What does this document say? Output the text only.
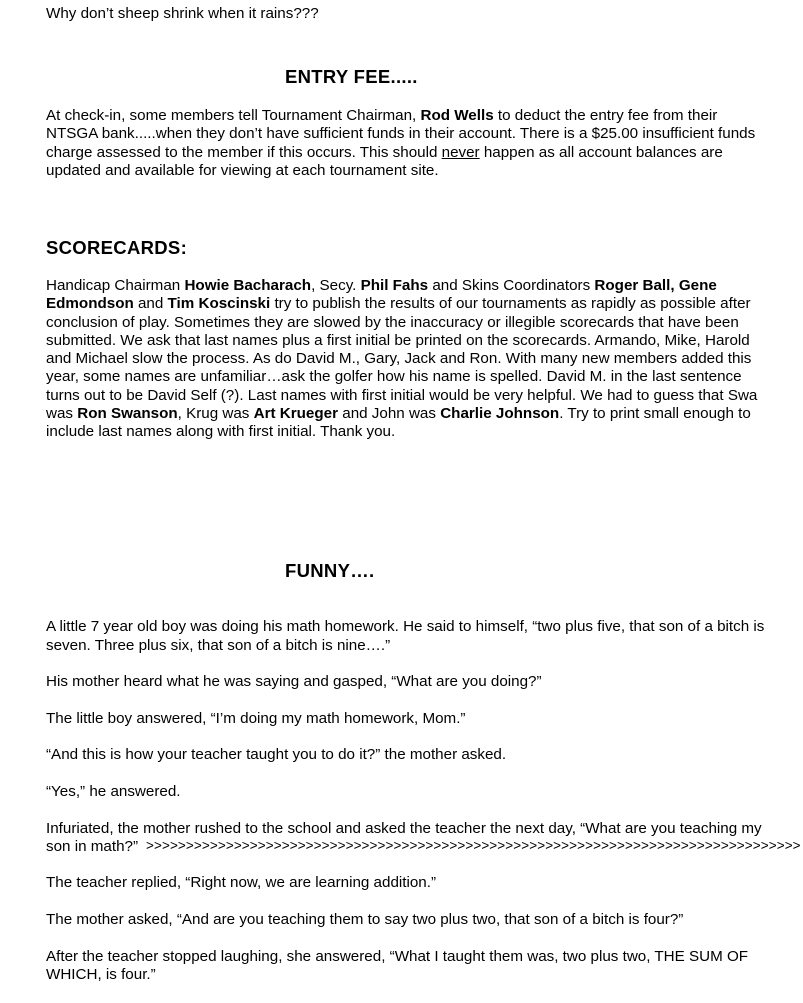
Why don’t sheep shrink when it rains???
ENTRY FEE.....
At check-in, some members tell Tournament Chairman, Rod Wells to deduct the entry fee from their NTSGA bank.....when they don’t have sufficient funds in their account. There is a $25.00 insufficient funds charge assessed to the member if this occurs. This should never happen as all account balances are updated and available for viewing at each tournament site.
SCORECARDS:
Handicap Chairman Howie Bacharach, Secy. Phil Fahs and Skins Coordinators Roger Ball, Gene Edmondson and Tim Koscinski try to publish the results of our tournaments as rapidly as possible after conclusion of play. Sometimes they are slowed by the inaccuracy or illegible scorecards that have been submitted. We ask that last names plus a first initial be printed on the scorecards. Armando, Mike, Harold and Michael slow the process. As do David M., Gary, Jack and Ron. With many new members added this year, some names are unfamiliar…ask the golfer how his name is spelled. David M. in the last sentence turns out to be David Self (?). Last names with first initial would be very helpful. We had to guess that Swa was Ron Swanson, Krug was Art Krueger and John was Charlie Johnson. Try to print small enough to include last names along with first initial. Thank you.
FUNNY….

A little 7 year old boy was doing his math homework. He said to himself, “two plus five, that son of a bitch is seven. Three plus six, that son of a bitch is nine….”

His mother heard what he was saying and gasped, “What are you doing?”

The little boy answered, “I’m doing my math homework, Mom.”

“And this is how your teacher taught you to do it?” the mother asked.

“Yes,” he answered.

Infuriated, the mother rushed to the school and asked the teacher the next day, “What are you teaching my son in math?”

The teacher replied, “Right now, we are learning addition.”

The mother asked, “And are you teaching them to say two plus two, that son of a bitch is four?”

After the teacher stopped laughing, she answered, “What I taught them was, two plus two, THE SUM OF WHICH, is four.”

>>>>>>>>>>>>>>>>>>>>>>>>>>>>>>>>>>>>>>>>>>>>>>>>>>>>>>>>>>>>>>>>>>>>>>>>>>>>>>>>>>
